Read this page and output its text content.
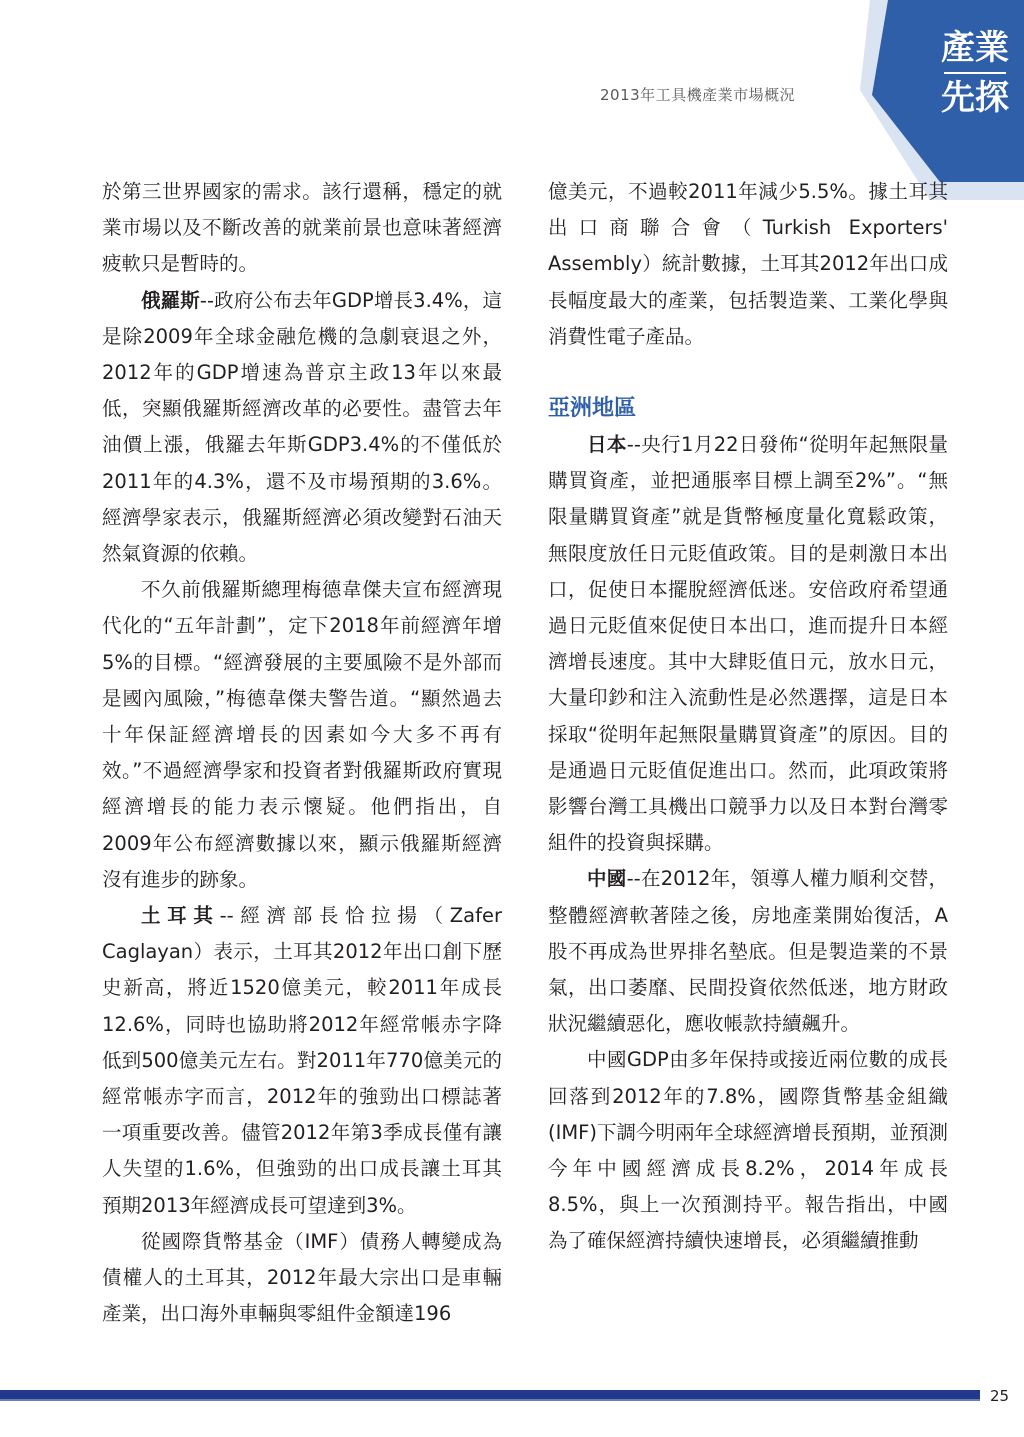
2013年工具機產業市場概況
產業
先探

於第三世界國家的需求。該行還稱，穩定的就業市場以及不斷改善的就業前景也意味著經濟疲軟只是暫時的。

俄羅斯--政府公布去年GDP增長3.4%，這是除2009年全球金融危機的急劇衰退之外，2012年的GDP增速為普京主政13年以來最低，突顯俄羅斯經濟改革的必要性。盡管去年油價上漲，俄羅去年斯GDP3.4%的不僅低於2011年的4.3%，還不及市場預期的3.6%。經濟學家表示，俄羅斯經濟必須改變對石油天然氣資源的依賴。

不久前俄羅斯總理梅德韋傑夫宣布經濟現代化的“五年計劃”，定下2018年前經濟年增5%的目標。“經濟發展的主要風險不是外部而是國內風險，”梅德韋傑夫警告道。“顯然過去十年保証經濟增長的因素如今大多不再有效。”不過經濟學家和投資者對俄羅斯政府實現經濟增長的能力表示懷疑。他們指出，自2009年公布經濟數據以來，顯示俄羅斯經濟沒有進步的跡象。

土耳其--經濟部長恰拉揚（Zafer Caglayan）表示，土耳其2012年出口創下歷史新高，將近1520億美元，較2011年成長12.6%，同時也協助將2012年經常帳赤字降低到500億美元左右。對2011年770億美元的經常帳赤字而言，2012年的強勁出口標誌著一項重要改善。儘管2012年第3季成長僅有讓人失望的1.6%，但強勁的出口成長讓土耳其預期2013年經濟成長可望達到3%。

從國際貨幣基金（IMF）債務人轉變成為債權人的土耳其，2012年最大宗出口是車輛產業，出口海外車輛與零組件金額達196

億美元，不過較2011年減少5.5%。據土耳其出口商聯合會（Turkish Exporters' Assembly）統計數據，土耳其2012年出口成長幅度最大的產業，包括製造業、工業化學與消費性電子產品。

亞洲地區

日本--央行1月22日發佈“從明年起無限量購買資產，並把通脹率目標上調至2%”。“無限量購買資產”就是貨幣極度量化寬鬆政策，無限度放任日元貶值政策。目的是刺激日本出口，促使日本擺脫經濟低迷。安倍政府希望通過日元貶值來促使日本出口，進而提升日本經濟增長速度。其中大肆貶值日元，放水日元，大量印鈔和注入流動性是必然選擇，這是日本採取“從明年起無限量購買資產”的原因。目的是通過日元貶值促進出口。然而，此項政策將影響台灣工具機出口競爭力以及日本對台灣零組件的投資與採購。

中國--在2012年，領導人權力順利交替，整體經濟軟著陸之後，房地產業開始復活，A股不再成為世界排名墊底。但是製造業的不景氣，出口萎靡、民間投資依然低迷，地方財政狀況繼續惡化，應收帳款持續飆升。

中國GDP由多年保持或接近兩位數的成長回落到2012年的7.8%，國際貨幣基金組織(IMF)下調今明兩年全球經濟增長預期，並預測今年中國經濟成長8.2%，2014年成長8.5%，與上一次預測持平。報告指出，中國為了確保經濟持續快速增長，必須繼續推動

25
